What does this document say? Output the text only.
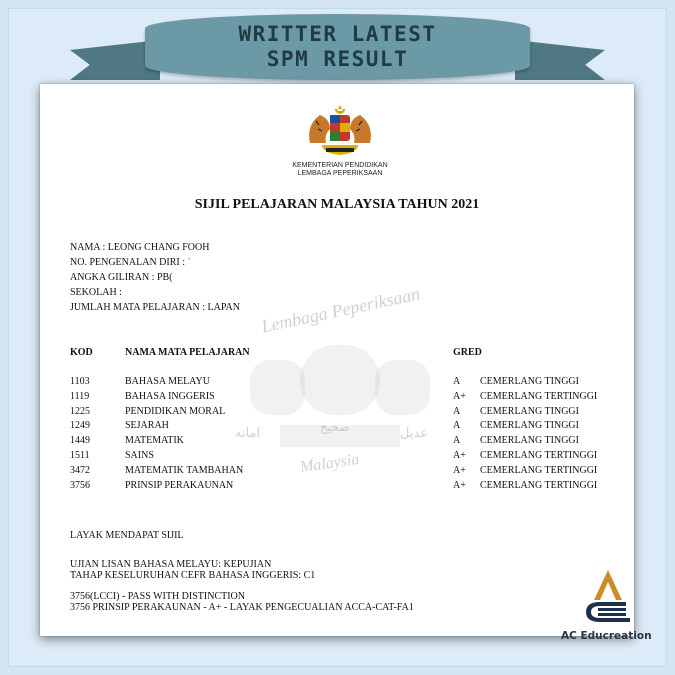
WRITTER LATEST
SPM RESULT
Lembaga Peperiksaan
Malaysia
امانه	صحيح	عديل
KEMENTERIAN PENDIDIKAN
LEMBAGA PEPERIKSAAN
SIJIL PELAJARAN MALAYSIA TAHUN 2021
NAMA : LEONG CHANG FOOH
NO. PENGENALAN DIRI : ˈ
ANGKA GILIRAN : PB(
SEKOLAH :
JUMLAH MATA PELAJARAN : LAPAN
KOD	NAMA MATA PELAJARAN	GRED
1103	BAHASA MELAYU	A CEMERLANG TINGGI
1119	BAHASA INGGERIS	A+ CEMERLANG TERTINGGI
1225	PENDIDIKAN MORAL	A CEMERLANG TINGGI
1249	SEJARAH	A CEMERLANG TINGGI
1449	MATEMATIK	A CEMERLANG TINGGI
1511	SAINS	A+ CEMERLANG TERTINGGI
3472	MATEMATIK TAMBAHAN	A+ CEMERLANG TERTINGGI
3756	PRINSIP PERAKAUNAN	A+ CEMERLANG TERTINGGI
LAYAK MENDAPAT SIJIL
UJIAN LISAN BAHASA MELAYU: KEPUJIAN
TAHAP KESELURUHAN CEFR BAHASA INGGERIS: C1
3756(LCCI) - PASS WITH DISTINCTION
3756 PRINSIP PERAKAUNAN - A+ - LAYAK PENGECUALIAN ACCA-CAT-FA1
AC Educreation
